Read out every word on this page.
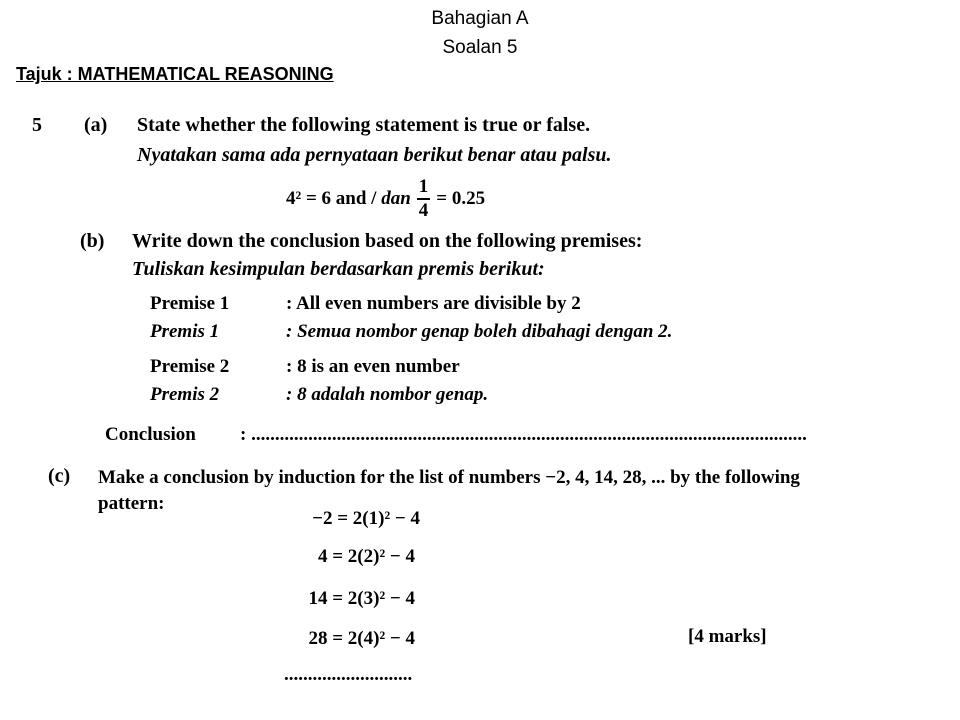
Bahagian A
Soalan 5
Tajuk : MATHEMATICAL REASONING
5 (a) State whether the following statement is true or false.
Nyatakan sama ada pernyataan berikut benar atau palsu.
4² = 6 and / dan $\frac{1}{4} = 0.25$
(b) Write down the conclusion based on the following premises:
Tuliskan kesimpulan berdasarkan premis berikut:
Premise 1	: All even numbers are divisible by 2
Premis 1	: Semua nombor genap boleh dibahagi dengan 2.
Premise 2	: 8 is an even number
Premis 2	: 8 adalah nombor genap.
Conclusion : .....................................................................................................................
(c) Make a conclusion by induction for the list of numbers −2, 4, 14, 28, ... by the following
pattern:
−2 = 2(1)² − 4
4 = 2(2)² − 4
14 = 2(3)² − 4
28 = 2(4)² − 4
...........................
[4 marks]
